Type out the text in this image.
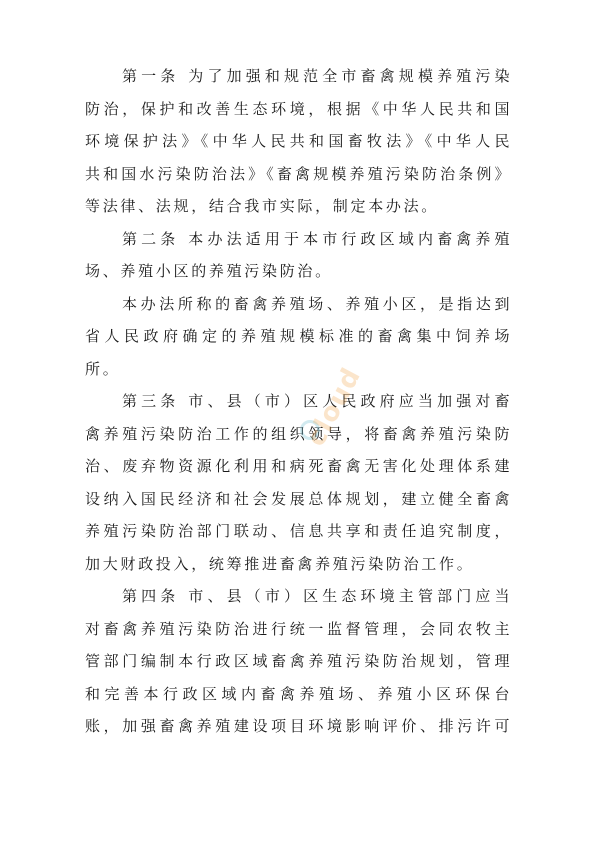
第一条 为了加强和规范全市畜禽规模养殖污染
防治，保护和改善生态环境，根据《中华人民共和国
环境保护法》《中华人民共和国畜牧法》《中华人民
共和国水污染防治法》《畜禽规模养殖污染防治条例》
等法律、法规，结合我市实际，制定本办法。
第二条 本办法适用于本市行政区域内畜禽养殖
场、养殖小区的养殖污染防治。
本办法所称的畜禽养殖场、养殖小区，是指达到
省人民政府确定的养殖规模标准的畜禽集中饲养场
所。
第三条 市、县（市）区人民政府应当加强对畜
禽养殖污染防治工作的组织领导，将畜禽养殖污染防
治、废弃物资源化利用和病死畜禽无害化处理体系建
设纳入国民经济和社会发展总体规划，建立健全畜禽
养殖污染防治部门联动、信息共享和责任追究制度，
加大财政投入，统筹推进畜禽养殖污染防治工作。
第四条 市、县（市）区生态环境主管部门应当
对畜禽养殖污染防治进行统一监督管理，会同农牧主
管部门编制本行政区域畜禽养殖污染防治规划，管理
和完善本行政区域内畜禽养殖场、养殖小区环保台
账，加强畜禽养殖建设项目环境影响评价、排污许可
cloud
